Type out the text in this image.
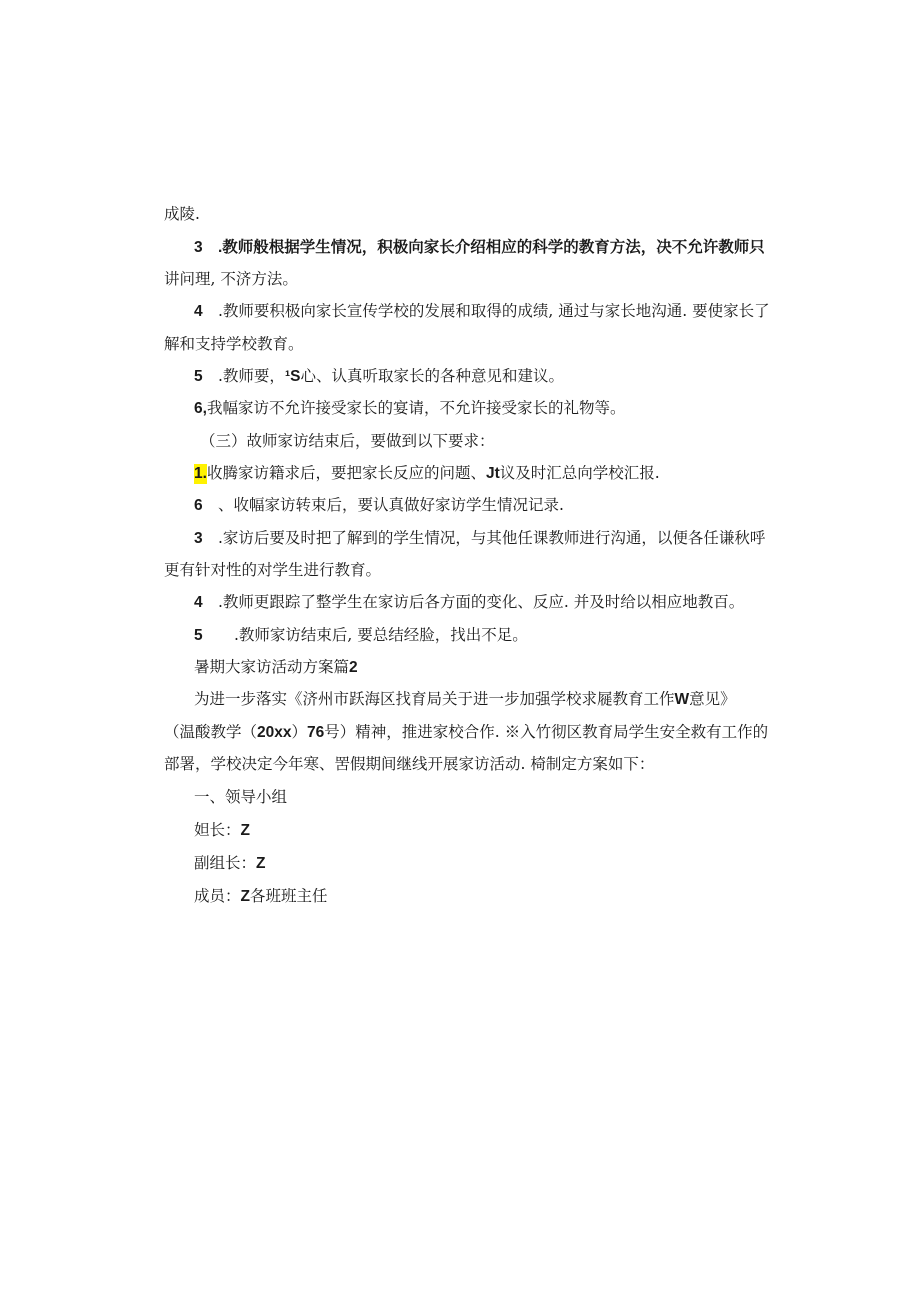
成陵.
3 .教师般根据学生情况，积极向家长介绍相应的科学的教育方法，决不允许教师只
讲问理, 不济方法。
4 .教师要积极向家长宣传学校的发展和取得的成绩, 通过与家长地沟通. 要使家长了
解和支持学校教育。
5 .教师要，¹S心、认真听取家长的各种意见和建议。
6,我幅家访不允许接受家长的宴请，不允许接受家长的礼物等。
（三）故师家访结束后，要做到以下要求：
1.收腾家访籍求后，要把家长反应的问题、Jt议及时汇总向学校汇报.
6 、收幅家访转束后，要认真做好家访学生情况记录.
3 .家访后要及时把了解到的学生情况，与其他任课教师进行沟通，以便各任谦秋呼
更有针对性的对学生进行教育。
4 .教师更跟踪了整学生在家访后各方面的变化、反应. 并及时给以相应地教百。
5 .教师家访结束后, 要总结经脸，找出不足。
暑期大家访活动方案篇2
为进一步落实《济州市跃海区找育局关于进一步加强学校求屣教育工作W意见》
（温酸教学（20xx）76号）精神，推进家校合作. ※入竹彻区教育局学生安全救有工作的
部署，学校决定今年寒、罟假期间继线开展家访活动. 椅制定方案如下：
一、领导小组
妲长：Z
副组长：Z
成员：Z各班班主任
